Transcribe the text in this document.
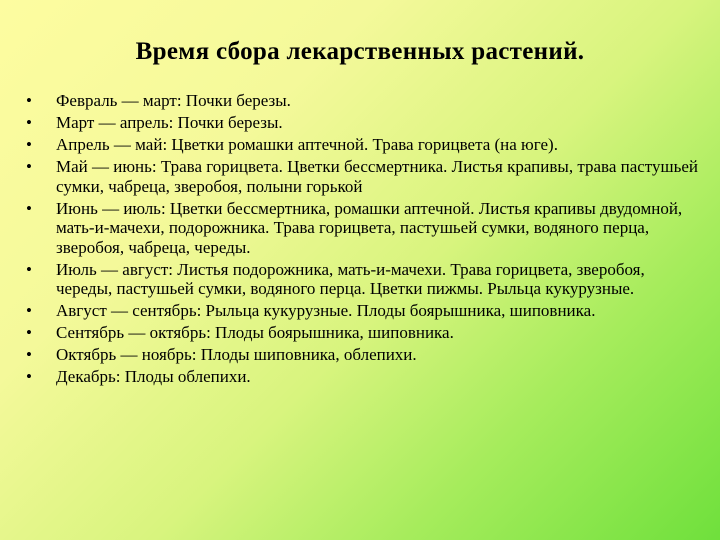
Время сбора лекарственных растений.
• Февраль — март: Почки березы.
• Март — апрель: Почки березы.
• Апрель — май: Цветки ромашки аптечной. Трава горицвета (на юге).
• Май — июнь: Трава горицвета. Цветки бессмертника. Листья крапивы, трава пастушьей сумки, чабреца, зверобоя, полыни горькой
• Июнь — июль: Цветки бессмертника, ромашки аптечной. Листья крапивы двудомной, мать-и-мачехи, подорожника. Трава горицвета, пастушьей сумки, водяного перца, зверобоя, чабреца, череды.
• Июль — август: Листья подорожника, мать-и-мачехи. Трава горицвета, зверобоя, череды, пастушьей сумки, водяного перца. Цветки пижмы. Рыльца кукурузные.
• Август — сентябрь: Рыльца кукурузные. Плоды боярышника, шиповника.
• Сентябрь — октябрь: Плоды боярышника, шиповника.
• Октябрь — ноябрь: Плоды шиповника, облепихи.
• Декабрь: Плоды облепихи.
